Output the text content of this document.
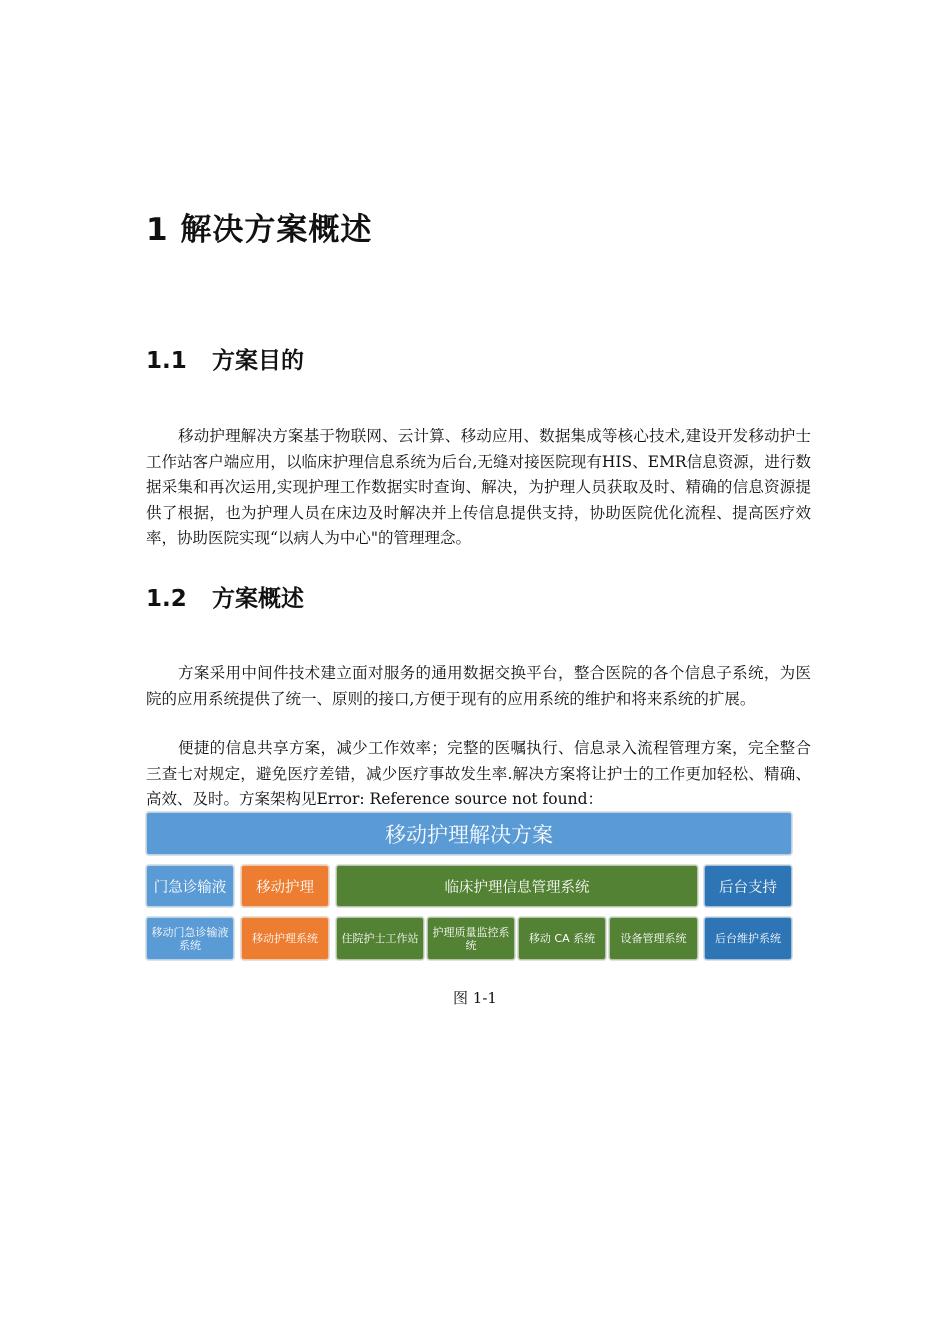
1 解决方案概述
1.1 方案目的

移动护理解决方案基于物联网、云计算、移动应用、数据集成等核心技术,建设开发移动护士工作站客户端应用，以临床护理信息系统为后台,无缝对接医院现有HIS、EMR信息资源，进行数据采集和再次运用,实现护理工作数据实时查询、解决，为护理人员获取及时、精确的信息资源提供了根据，也为护理人员在床边及时解决并上传信息提供支持，协助医院优化流程、提高医疗效率，协助医院实现“以病人为中心"的管理理念。

1.2 方案概述

方案采用中间件技术建立面对服务的通用数据交换平台，整合医院的各个信息子系统，为医院的应用系统提供了统一、原则的接口,方便于现有的应用系统的维护和将来系统的扩展。

便捷的信息共享方案，减少工作效率；完整的医嘱执行、信息录入流程管理方案，完全整合三查七对规定，避免医疗差错，减少医疗事故发生率.解决方案将让护士的工作更加轻松、精确、高效、及时。方案架构见Error: Reference source not found：

移动护理解决方案
门急诊输液	移动护理	临床护理信息管理系统	后台支持
移动门急诊输液系统	移动护理系统	住院护士工作站	护理质量监控系统	移动 CA 系统	设备管理系统	后台维护系统
图 1-1
